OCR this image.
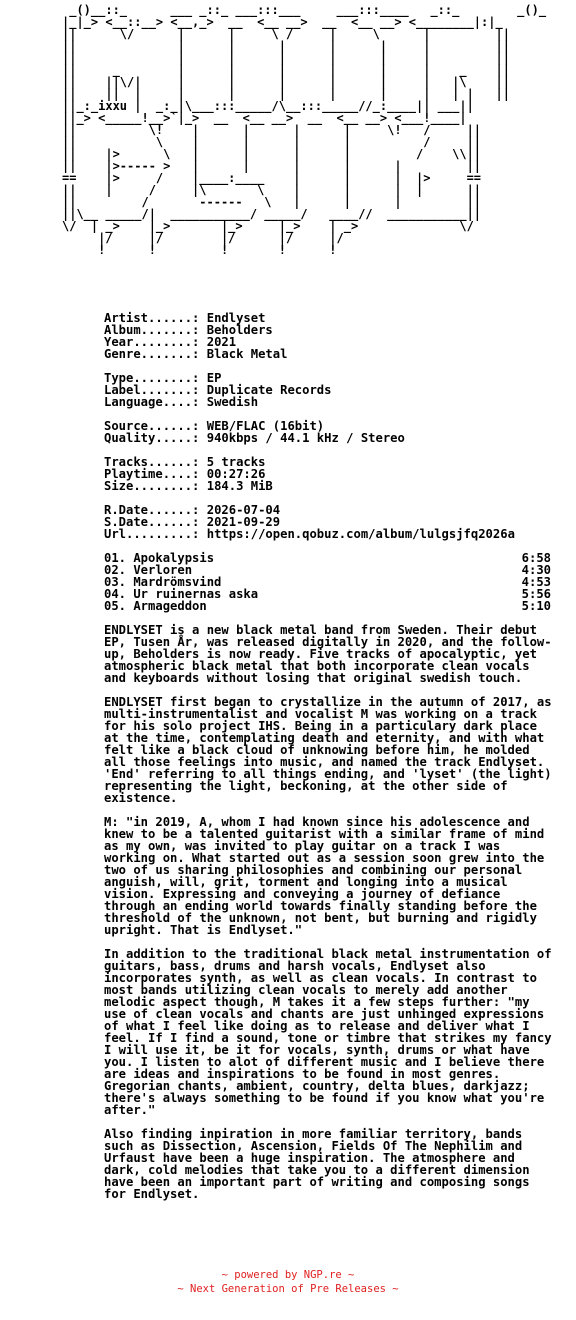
_()__::_      ___ _::_ ___:::___     ___:::____   _::_        _()_
|_|_> <__::__> <__,_>  __  <__ __>  __  <__ __> <________|:|_
||      \/      |      |     \ /     |     \      |         ||
||              |      |      |      |      |     |         ||
||              |      |      |      |      |     |         ||
||     _        |      |      |      |      |     |    _    ||
||    ||\/|     |      |      |      |      |     |   |\    ||
||    ||  |     |      |      |      |      |     |   | |   ||
||_:_ixxu |  _:_|\___:::_____/\__:::_____//_:____|| ___||
||_> <_____!__>`|_>  __  <__ __>  __  <__ __> <___!____|
||          \!    |      |      |      |     \!   /     ||
||           \    |      |      |      |          /     ||
||    |>      \   |      |      |      |         /    \\||
||    |>----- >   |      |      |      |      |         ||
==    |>     /    |____:____    |      |      |  |>     ==
||    |     /     |\       \    |      |      |  |      ||
||         /       ------   \   |      |      |         ||
||\__ _____/|  ___________/ _____/   ____//  ___________||
\/  | _>    |_>       |_>     |_>    | _>              \/
|/     |/        |/      |/     |/
!      !         !       !      !
Artist......: Endlyset
Album.......: Beholders
Year........: 2021
Genre.......: Black Metal
Type........: EP
Label.......: Duplicate Records
Language....: Swedish
Source......: WEB/FLAC (16bit)
Quality.....: 940kbps / 44.1 kHz / Stereo
Tracks......: 5 tracks
Playtime....: 00:27:26
Size........: 184.3 MiB
R.Date......: 2026-07-04
S.Date......: 2021-09-29
Url.........: https://open.qobuz.com/album/lulgsjfq2026a
01. Apokalypsis	6:58
02. Verloren	4:30
03. Mardrömsvind	4:53
04. Ur ruinernas aska	5:56
05. Armageddon	5:10

ENDLYSET is a new black metal band from Sweden. Their debut EP, Tusen År, was released digitally in 2020, and the follow-up, Beholders is now ready. Five tracks of apocalyptic, yet atmospheric black metal that both incorporate clean vocals and keyboards without losing that original swedish touch.

ENDLYSET first began to crystallize in the autumn of 2017, as multi-instrumentalist and vocalist M was working on a track for his solo project IHS. Being in a particulary dark place at the time, contemplating death and eternity, and with what felt like a black cloud of unknowing before him, he molded all those feelings into music, and named the track Endlyset. 'End' referring to all things ending, and 'lyset' (the light) representing the light, beckoning, at the other side of existence.

M: "in 2019, A, whom I had known since his adolescence and knew to be a talented guitarist with a similar frame of mind as my own, was invited to play guitar on a track I was working on. What started out as a session soon grew into the two of us sharing philosophies and combining our personal anguish, will, grit, torment and longing into a musical vision. Expressing and conveying a journey of defiance through an ending world towards finally standing before the threshold of the unknown, not bent, but burning and rigidly upright. That is Endlyset."

In addition to the traditional black metal instrumentation of guitars, bass, drums and harsh vocals, Endlyset also incorporates synth, as well as clean vocals. In contrast to most bands utilizing clean vocals to merely add another melodic aspect though, M takes it a few steps further: "my use of clean vocals and chants are just unhinged expressions of what I feel like doing as to release and deliver what I feel. If I find a sound, tone or timbre that strikes my fancy I will use it, be it for vocals, synth, drums or what have you. I listen to alot of different music and I believe there are ideas and inspirations to be found in most genres. Gregorian chants, ambient, country, delta blues, darkjazz; there's always something to be found if you know what you're after."

Also finding inpiration in more familiar territory, bands such as Dissection, Ascension, Fields Of The Nephilim and Urfaust have been a huge inspiration. The atmosphere and dark, cold melodies that take you to a different dimension have been an important part of writing and composing songs for Endlyset.

~ powered by NGP.re ~
~ Next Generation of Pre Releases ~
